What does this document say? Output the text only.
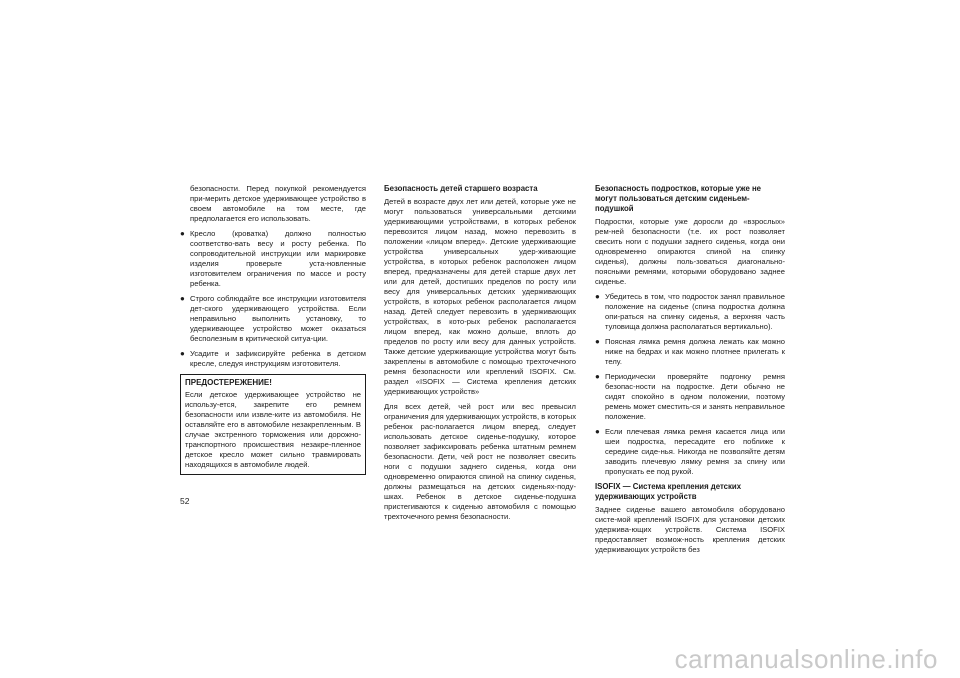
безопасности. Перед покупкой рекомендуется при-мерить детское удерживающее устройство в своем автомобиле на том месте, где предполагается его использовать.

● Кресло (кроватка) должно полностью соответство-вать весу и росту ребенка. По сопроводительной инструкции или маркировке изделия проверьте уста-новленные изготовителем ограничения по массе и росту ребенка.
● Строго соблюдайте все инструкции изготовителя дет-ского удерживающего устройства. Если неправильно выполнить установку, то удерживающее устройство может оказаться бесполезным в критической ситуа-ции.
● Усадите и зафиксируйте ребенка в детском кресле, следуя инструкциям изготовителя.
ПРЕДОСТЕРЕЖЕНИЕ!
Если детское удерживающее устройство не использу-ется, закрепите его ремнем безопасности или извле-ките из автомобиля. Не оставляйте его в автомобиле незакрепленным. В случае экстренного торможения или дорожно-транспортного происшествия незакре-пленное детское кресло может сильно травмировать находящихся в автомобиле людей.
Безопасность детей старшего возраста

Детей в возрасте двух лет или детей, которые уже не могут пользоваться универсальными детскими удерживающими устройствами, в которых ребенок перевозится лицом назад, можно перевозить в положении «лицом вперед». Детские удерживающие устройства универсальных удер-живающие устройства, в которых ребенок расположен лицом вперед, предназначены для детей старше двух лет или для детей, достигших пределов по росту или весу для универсальных детских удерживающих устройств, в которых ребенок располагается лицом назад. Детей следует перевозить в удерживающих устройствах, в кото-рых ребенок располагается лицом вперед, как можно дольше, вплоть до пределов по росту или весу для данных устройств. Также детские удерживающие устройства могут быть закреплены в автомобиле с помощью трехточечного ремня безопасности или креплений ISOFIX. См. раздел «ISOFIX — Система крепления детских удерживающих устройств»

Для всех детей, чей рост или вес превысил ограничения для удерживающих устройств, в которых ребенок рас-полагается лицом вперед, следует использовать детское сиденье-подушку, которое позволяет зафиксировать ребенка штатным ремнем безопасности. Дети, чей рост не позволяет свесить ноги с подушки заднего сиденья, когда они одновременно опираются спиной на спинку сиденья, должны размещаться на детских сиденьях-поду-шках. Ребенок в детское сиденье-подушка пристегиваются к сиденью автомобиля с помощью трехточечного ремня безопасности.

Безопасность подростков, которые уже не могут пользоваться детским сиденьем-подушкой

Подростки, которые уже доросли до «взрослых» рем-ней безопасности (т.е. их рост позволяет свесить ноги с подушки заднего сиденья, когда они одновременно опираются спиной на спинку сиденья), должны поль-зоваться диагонально-поясными ремнями, которыми оборудовано заднее сиденье.

● Убедитесь в том, что подросток занял правильное положение на сиденье (спина подростка должна опи-раться на спинку сиденья, а верхняя часть туловища должна располагаться вертикально).
● Поясная лямка ремня должна лежать как можно ниже на бедрах и как можно плотнее прилегать к телу.
● Периодически проверяйте подгонку ремня безопас-ности на подростке. Дети обычно не сидят спокойно в одном положении, поэтому ремень может сместить-ся и занять неправильное положение.
● Если плечевая лямка ремня касается лица или шеи подростка, пересадите его поближе к середине сиде-нья. Никогда не позволяйте детям заводить плечевую лямку ремня за спину или пропускать ее под рукой.
ISOFIX — Система крепления детских удерживающих устройств

Заднее сиденье вашего автомобиля оборудовано систе-мой креплений ISOFIX для установки детских удержива-ющих устройств. Система ISOFIX предоставляет возмож-ность крепления детских удерживающих устройств без

52
carmanualsonline.info
